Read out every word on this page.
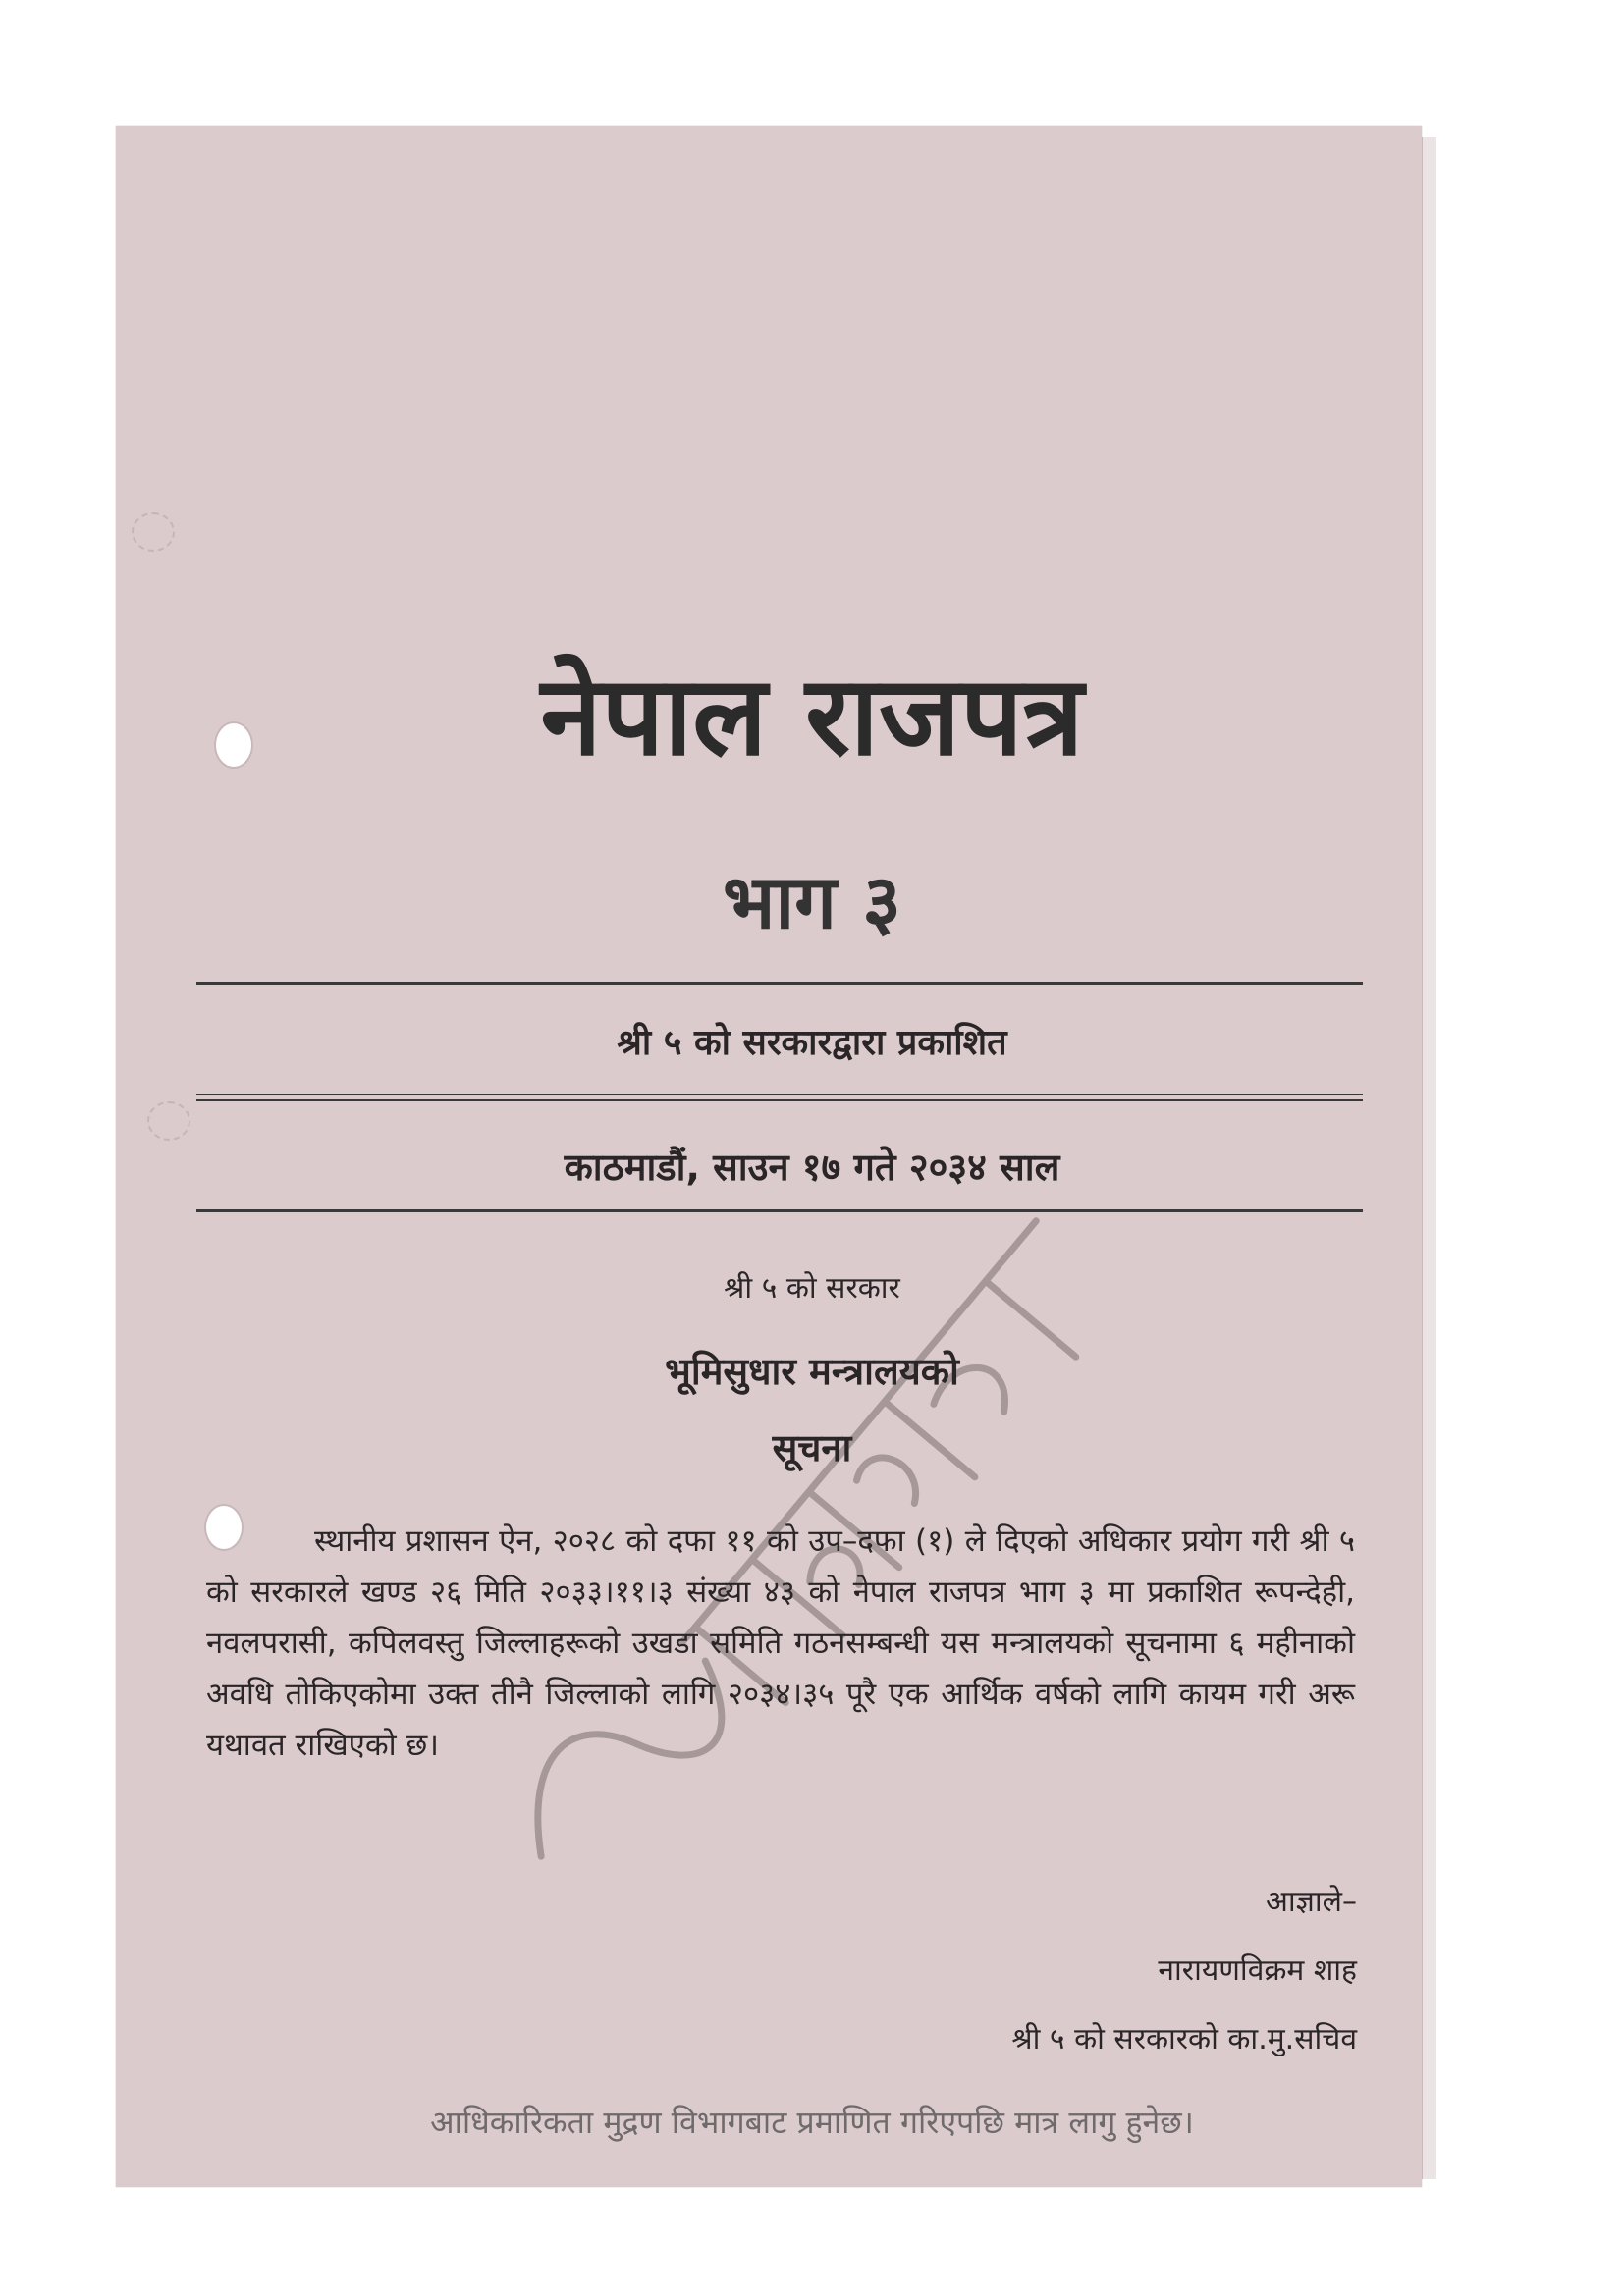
नेपाल राजपत्र
भाग ३
श्री ५ को सरकारद्वारा प्रकाशित
काठमाडौं, साउन १७ गते २०३४ साल
श्री ५ को सरकार
भूमिसुधार मन्त्रालयको
सूचना

स्थानीय प्रशासन ऐन, २०२८ को दफा ११ को उप–दफा (१) ले दिएको अधिकार प्रयोग गरी श्री ५ को सरकारले खण्ड २६ मिति २०३३।११।३ संख्या ४३ को नेपाल राजपत्र भाग ३ मा प्रकाशित रूपन्देही, नवलपरासी, कपिलवस्तु जिल्लाहरूको उखडा समिति गठनसम्बन्धी यस मन्त्रालयको सूचनामा ६ महीनाको अवधि तोकिएकोमा उक्त तीनै जिल्लाको लागि २०३४।३५ पूरै एक आर्थिक वर्षको लागि कायम गरी अरू यथावत राखिएको छ।

आज्ञाले–
नारायणविक्रम शाह
श्री ५ को सरकारको का.मु.सचिव
आधिकारिकता मुद्रण विभागबाट प्रमाणित गरिएपछि मात्र लागु हुनेछ।
